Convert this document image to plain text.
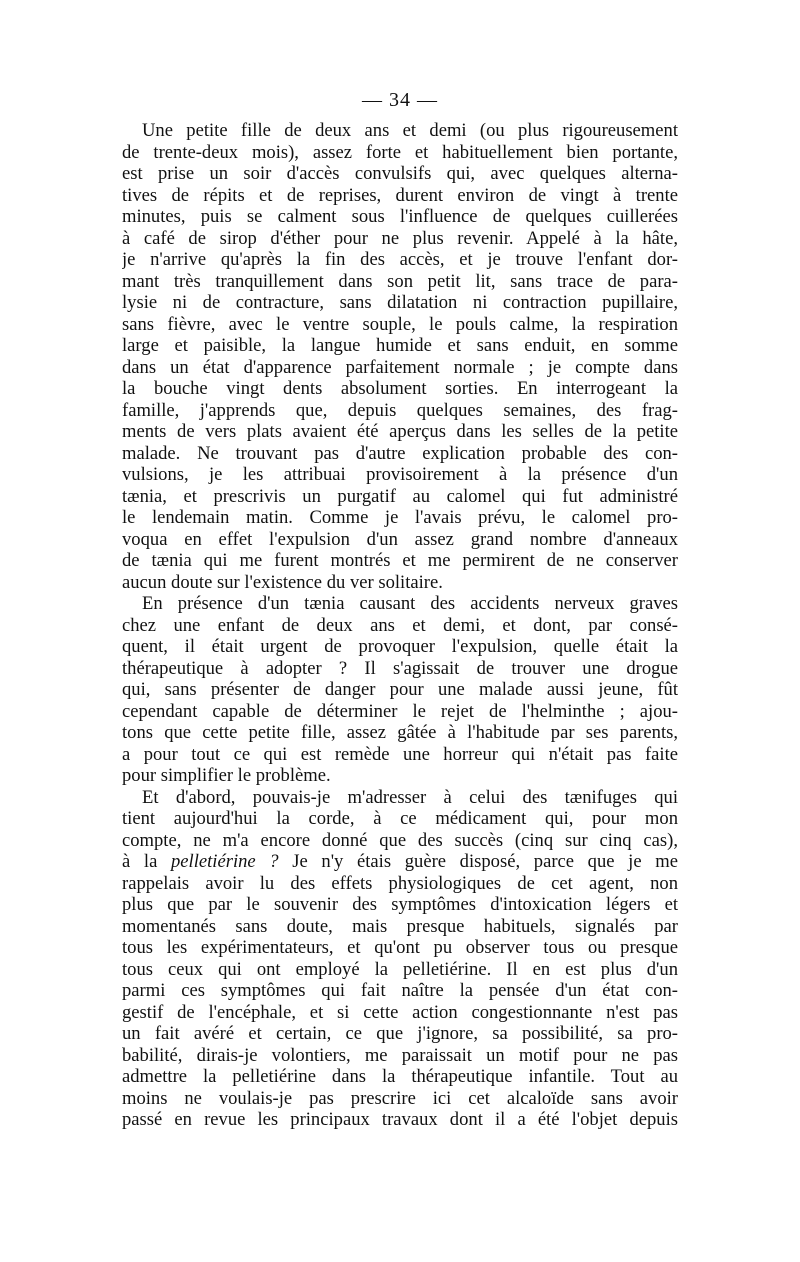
— 34 —
Une petite fille de deux ans et demi (ou plus rigoureusement
de trente-deux mois), assez forte et habituellement bien portante,
est prise un soir d'accès convulsifs qui, avec quelques alterna-
tives de répits et de reprises, durent environ de vingt à trente
minutes, puis se calment sous l'influence de quelques cuillerées
à café de sirop d'éther pour ne plus revenir. Appelé à la hâte,
je n'arrive qu'après la fin des accès, et je trouve l'enfant dor-
mant très tranquillement dans son petit lit, sans trace de para-
lysie ni de contracture, sans dilatation ni contraction pupillaire,
sans fièvre, avec le ventre souple, le pouls calme, la respiration
large et paisible, la langue humide et sans enduit, en somme
dans un état d'apparence parfaitement normale ; je compte dans
la bouche vingt dents absolument sorties. En interrogeant la
famille, j'apprends que, depuis quelques semaines, des frag-
ments de vers plats avaient été aperçus dans les selles de la petite
malade. Ne trouvant pas d'autre explication probable des con-
vulsions, je les attribuai provisoirement à la présence d'un
tænia, et prescrivis un purgatif au calomel qui fut administré
le lendemain matin. Comme je l'avais prévu, le calomel pro-
voqua en effet l'expulsion d'un assez grand nombre d'anneaux
de tænia qui me furent montrés et me permirent de ne conserver
aucun doute sur l'existence du ver solitaire.
En présence d'un tænia causant des accidents nerveux graves
chez une enfant de deux ans et demi, et dont, par consé-
quent, il était urgent de provoquer l'expulsion, quelle était la
thérapeutique à adopter ? Il s'agissait de trouver une drogue
qui, sans présenter de danger pour une malade aussi jeune, fût
cependant capable de déterminer le rejet de l'helminthe ; ajou-
tons que cette petite fille, assez gâtée à l'habitude par ses parents,
a pour tout ce qui est remède une horreur qui n'était pas faite
pour simplifier le problème.
Et d'abord, pouvais-je m'adresser à celui des tænifuges qui
tient aujourd'hui la corde, à ce médicament qui, pour mon
compte, ne m'a encore donné que des succès (cinq sur cinq cas),
à la pelletiérine ? Je n'y étais guère disposé, parce que je me
rappelais avoir lu des effets physiologiques de cet agent, non
plus que par le souvenir des symptômes d'intoxication légers et
momentanés sans doute, mais presque habituels, signalés par
tous les expérimentateurs, et qu'ont pu observer tous ou presque
tous ceux qui ont employé la pelletiérine. Il en est plus d'un
parmi ces symptômes qui fait naître la pensée d'un état con-
gestif de l'encéphale, et si cette action congestionnante n'est pas
un fait avéré et certain, ce que j'ignore, sa possibilité, sa pro-
babilité, dirais-je volontiers, me paraissait un motif pour ne pas
admettre la pelletiérine dans la thérapeutique infantile. Tout au
moins ne voulais-je pas prescrire ici cet alcaloïde sans avoir
passé en revue les principaux travaux dont il a été l'objet depuis
